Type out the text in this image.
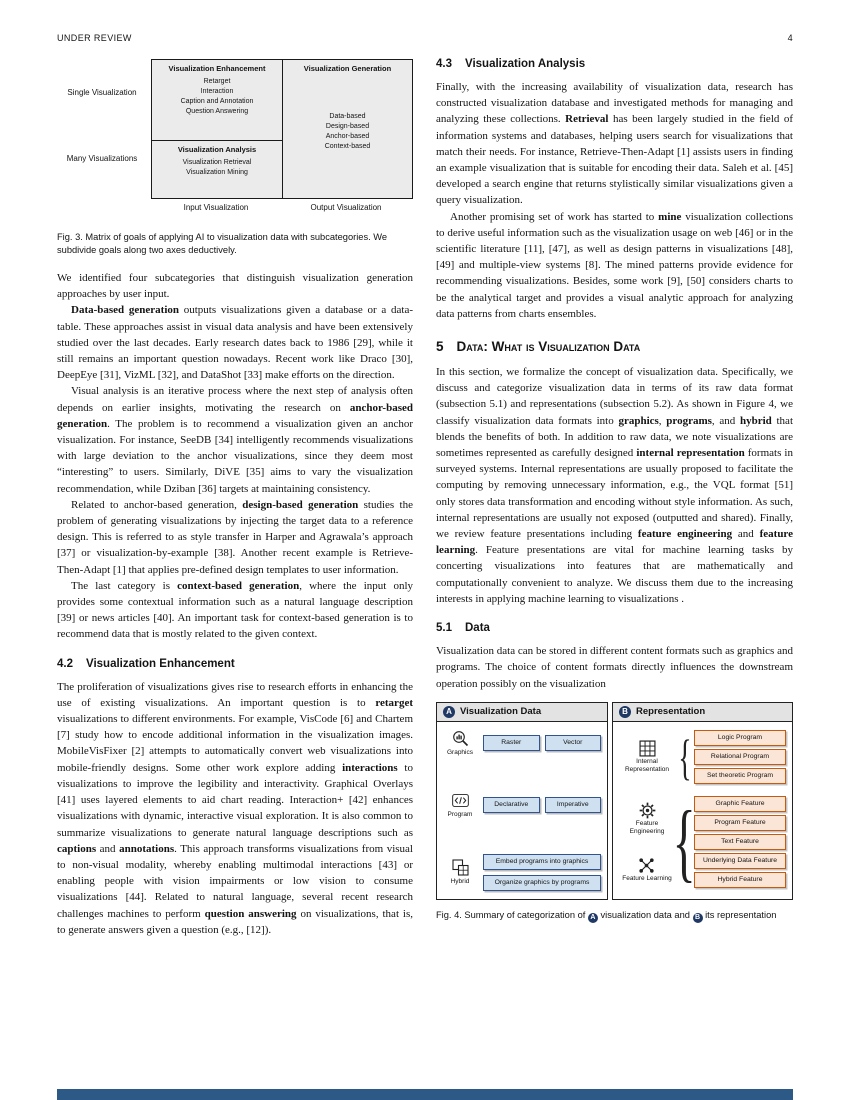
UNDER REVIEW	4
Single Visualization
Many Visualizations
Visualization Enhancement
Retarget
Interaction
Caption and Annotation
Question Answering
Visualization Analysis
Visualization Retrieval
Visualization Mining
Visualization Generation
Data-based
Design-based
Anchor-based
Context-based
Input Visualization	Output Visualization
Fig. 3. Matrix of goals of applying AI to visualization data with subcategories. We subdivide goals along two axes deductively.

We identified four subcategories that distinguish visualization generation approaches by user input.

Data-based generation outputs visualizations given a database or a data-table. These approaches assist in visual data analysis and have been extensively studied over the last decades. Early research dates back to 1986 [29], while it still remains an important question nowadays. Recent work like Draco [30], DeepEye [31], VizML [32], and DataShot [33] make efforts on the direction.

Visual analysis is an iterative process where the next step of analysis often depends on earlier insights, motivating the research on anchor-based generation. The problem is to recommend a visualization given an anchor visualization. For instance, SeeDB [34] intelligently recommends visualizations with large deviation to the anchor visualizations, since they deem most “interesting” to users. Similarly, DiVE [35] aims to vary the visualization recommendation, while Dziban [36] targets at maintaining consistency.

Related to anchor-based generation, design-based generation studies the problem of generating visualizations by injecting the target data to a reference design. This is referred to as style transfer in Harper and Agrawala’s approach [37] or visualization-by-example [38]. Another recent example is Retrieve-Then-Adapt [1] that applies pre-defined design templates to user information.

The last category is context-based generation, where the input only provides some contextual information such as a natural language description [39] or news articles [40]. An important task for context-based generation is to recommend data that is mostly related to the given context.

4.2 Visualization Enhancement

The proliferation of visualizations gives rise to research efforts in enhancing the use of existing visualizations. An important question is to retarget visualizations to different environments. For example, VisCode [6] and Chartem [7] study how to encode additional information in the visualization images. MobileVisFixer [2] attempts to automatically convert web visualizations into mobile-friendly designs. Some other work explore adding interactions to visualizations to improve the legibility and interactivity. Graphical Overlays [41] uses layered elements to aid chart reading. Interaction+ [42] enhances visualizations with dynamic, interactive visual exploration. It is also common to summarize visualizations to generate natural language descriptions such as captions and annotations. This approach transforms visualizations from visual to non-visual modality, whereby enabling multimodal interactions [43] or enabling people with vision impairments or low vision to consume visualizations [44]. Related to natural language, several recent research challenges machines to perform question answering on visualizations, that is, to generate answers given a question (e.g., [12]).

4.3 Visualization Analysis

Finally, with the increasing availability of visualization data, research has constructed visualization database and investigated methods for managing and analyzing these collections. Retrieval has been largely studied in the field of information systems and databases, helping users search for visualizations that match their needs. For instance, Retrieve-Then-Adapt [1] assists users in finding an example visualization that is suitable for encoding their data. Saleh et al. [45] developed a search engine that returns stylistically similar visualizations given a query visualization.

Another promising set of work has started to mine visualization collections to derive useful information such as the visualization usage on web [46] or in the scientific literature [11], [47], as well as design patterns in visualizations [48], [49] and multiple-view systems [8]. The mined patterns provide evidence for recommending visualizations. Besides, some work [9], [50] considers charts to be the analytical target and provides a visual analytic approach for analyzing data patterns from charts ensembles.

5 Data: What is Visualization Data

In this section, we formalize the concept of visualization data. Specifically, we discuss and categorize visualization data in terms of its raw data format (subsection 5.1) and representations (subsection 5.2). As shown in Figure 4, we classify visualization data formats into graphics, programs, and hybrid that blends the benefits of both. In addition to raw data, we note visualizations are sometimes represented as carefully designed internal representation formats in surveyed systems. Internal representations are usually proposed to facilitate the computing by removing unnecessary information, e.g., the VQL format [51] only stores data transformation and encoding without style information. As such, internal representations are usually not exposed (outputted and shared). Finally, we review feature presentations including feature engineering and feature learning. Feature presentations are vital for machine learning tasks by concerting visualizations into features that are mathematically and computationally convenient to analyze. We discuss them due to the increasing interests in applying machine learning to visualizations .

5.1 Data

Visualization data can be stored in different content formats such as graphics and programs. The choice of content formats directly influences the downstream operation possibly on the visualization

A Visualization Data
Graphics
Raster	Vector
Program
Declarative	Imperative
Hybrid
Embed programs into graphics
Organize graphics by programs
B Representation
Internal Representation
{
Logic Program
Relational Program
Set theoretic Program
Feature Engineering
Feature Learning
{
Graphic Feature
Program Feature
Text Feature
Underlying Data Feature
Hybrid Feature
Fig. 4. Summary of categorization of A visualization data and B its representation
